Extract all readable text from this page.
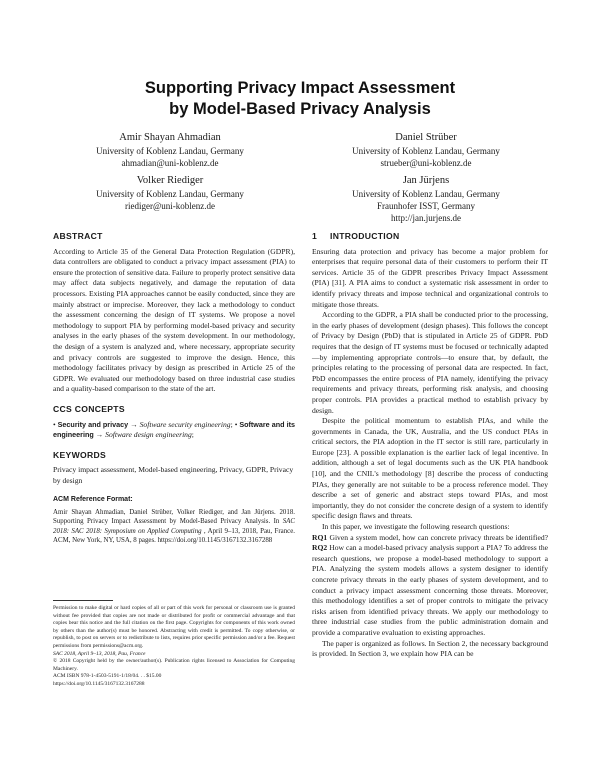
Supporting Privacy Impact Assessment
by Model-Based Privacy Analysis
Amir Shayan Ahmadian
University of Koblenz Landau, Germany
ahmadian@uni-koblenz.de
Daniel Strüber
University of Koblenz Landau, Germany
strueber@uni-koblenz.de
Volker Riediger
University of Koblenz Landau, Germany
riediger@uni-koblenz.de
Jan Jürjens
University of Koblenz Landau, Germany
Fraunhofer ISST, Germany
http://jan.jurjens.de
ABSTRACT

According to Article 35 of the General Data Protection Regulation (GDPR), data controllers are obligated to conduct a privacy impact assessment (PIA) to ensure the protection of sensitive data. Failure to properly protect sensitive data may affect data subjects negatively, and damage the reputation of data processors. Existing PIA approaches cannot be easily conducted, since they are mainly abstract or imprecise. Moreover, they lack a methodology to conduct the assessment concerning the design of IT systems. We propose a novel methodology to support PIA by performing model-based privacy and security analyses in the early phases of the system development. In our methodology, the design of a system is analyzed and, where necessary, appropriate security and privacy controls are suggested to improve the design. Hence, this methodology facilitates privacy by design as prescribed in Article 25 of the GDPR. We evaluated our methodology based on three industrial case studies and a quality-based comparison to the state of the art.

CCS CONCEPTS
• Security and privacy → Software security engineering; • Software and its engineering → Software design engineering;
KEYWORDS

Privacy impact assessment, Model-based engineering, Privacy, GDPR, Privacy by design

ACM Reference Format:
Amir Shayan Ahmadian, Daniel Strüber, Volker Riediger, and Jan Jürjens. 2018. Supporting Privacy Impact Assessment by Model-Based Privacy Analysis. In SAC 2018: SAC 2018: Symposium on Applied Computing , April 9–13, 2018, Pau, France. ACM, New York, NY, USA, 8 pages. https://doi.org/10.1145/3167132.3167288
Permission to make digital or hard copies of all or part of this work for personal or classroom use is granted without fee provided that copies are not made or distributed for profit or commercial advantage and that copies bear this notice and the full citation on the first page. Copyrights for components of this work owned by others than the author(s) must be honored. Abstracting with credit is permitted. To copy otherwise, or republish, to post on servers or to redistribute to lists, requires prior specific permission and/or a fee. Request permissions from permissions@acm.org.
SAC 2018, April 9–13, 2018, Pau, France
© 2018 Copyright held by the owner/author(s). Publication rights licensed to Association for Computing Machinery.
ACM ISBN 978-1-4503-5191-1/18/04. . . $15.00
https://doi.org/10.1145/3167132.3167288
1 INTRODUCTION

Ensuring data protection and privacy has become a major problem for enterprises that require personal data of their customers to perform their IT services. Article 35 of the GDPR prescribes Privacy Impact Assessment (PIA) [31]. A PIA aims to conduct a systematic risk assessment in order to identify privacy threats and impose technical and organizational controls to mitigate those threats.

According to the GDPR, a PIA shall be conducted prior to the processing, in the early phases of development (design phases). This follows the concept of Privacy by Design (PbD) that is stipulated in Article 25 of GDPR. PbD requires that the design of IT systems must be focused or technically adapted—by implementing appropriate controls—to ensure that, by default, the principles relating to the processing of personal data are respected. In fact, PbD encompasses the entire process of PIA namely, identifying the privacy requirements and privacy threats, performing risk analysis, and choosing proper controls. PIA provides a practical method to establish privacy by design.

Despite the political momentum to establish PIAs, and while the governments in Canada, the UK, Australia, and the US conduct PIAs in critical sectors, the PIA adoption in the IT sector is still rare, particularly in Europe [23]. A possible explanation is the earlier lack of legal incentive. In addition, although a set of legal documents such as the UK PIA handbook [10], and the CNIL's methodology [8] describe the process of conducting PIAs, they generally are not suitable to be a process reference model. They describe a set of generic and abstract steps toward PIAs, and most importantly, they do not consider the concrete design of a system to identify specific design flaws and threats.

In this paper, we investigate the following research questions:

RQ1 Given a system model, how can concrete privacy threats be identified? RQ2 How can a model-based privacy analysis support a PIA? To address the research questions, we propose a model-based methodology to support a PIA. Analyzing the system models allows a system designer to identify concrete privacy threats in the early phases of system development, and to conduct a privacy impact assessment concerning those threats. Moreover, this methodology identifies a set of proper controls to mitigate the privacy risks arisen from identified privacy threats. We apply our methodology to three industrial case studies from the public administration domain and provide a comparative evaluation to existing approaches.

The paper is organized as follows. In Section 2, the necessary background is provided. In Section 3, we explain how PIA can be
